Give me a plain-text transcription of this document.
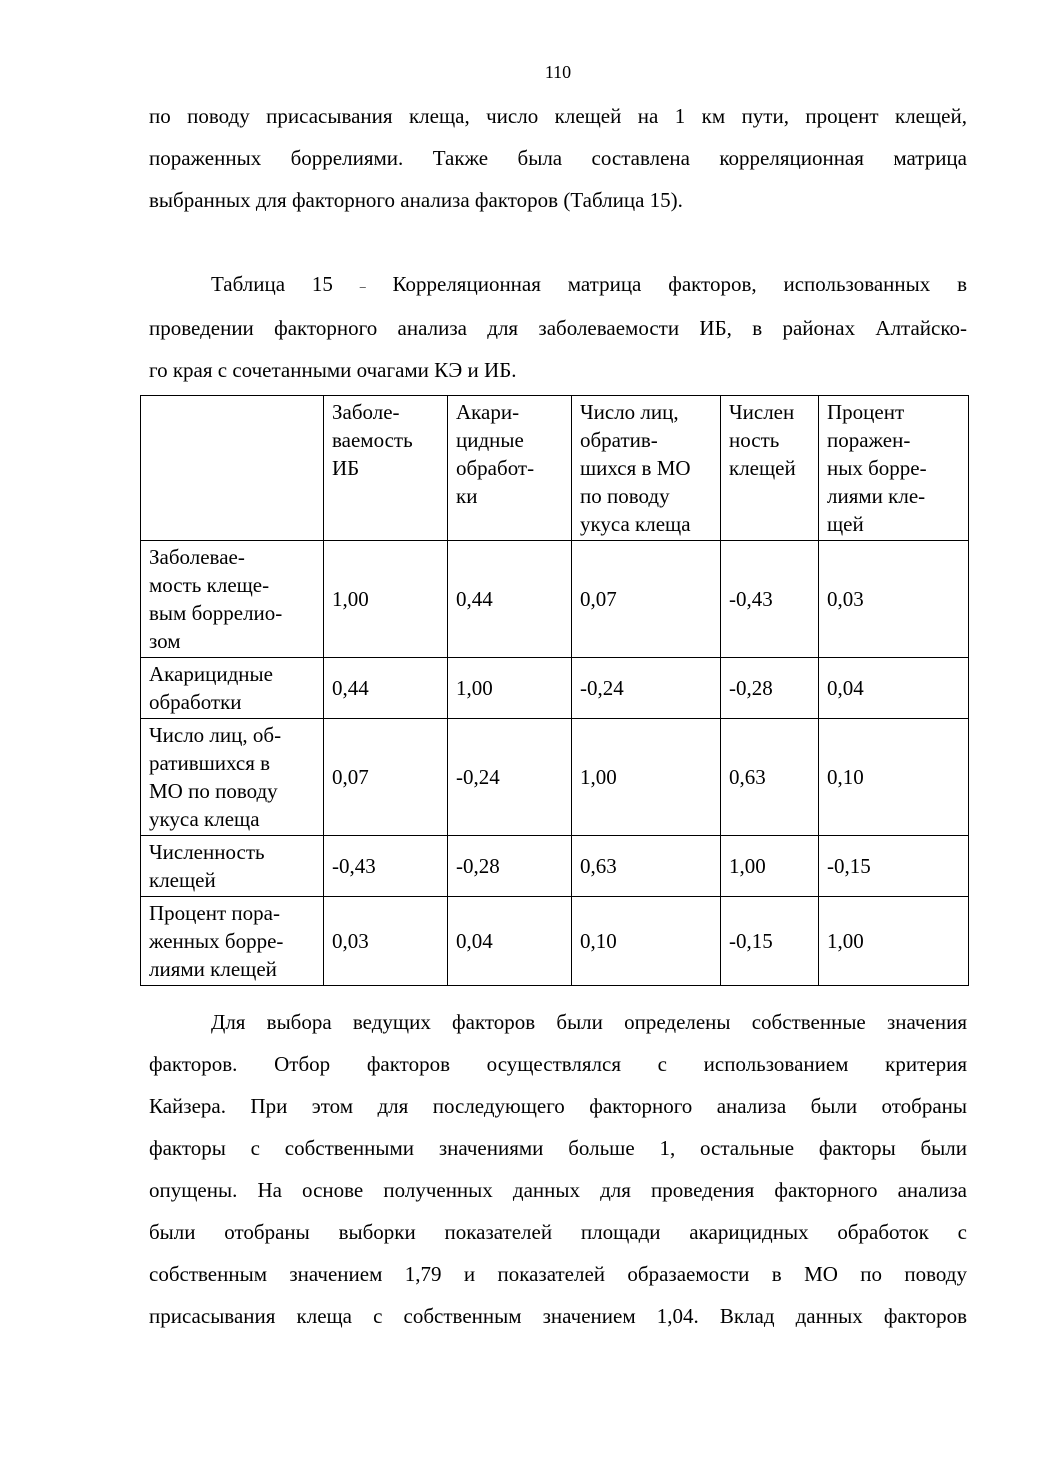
110

по поводу присасывания клеща, число клещей на 1 км пути, процент клещей,
пораженных боррелиями. Также была составлена корреляционная матрица
выбранных для факторного анализа факторов (Таблица 15).

Таблица 15 – Корреляционная матрица факторов, использованных в
проведении факторного анализа для заболеваемости ИБ, в районах Алтайско-
го края с сочетанными очагами КЭ и ИБ.

	Заболе-
ваемость
ИБ	Акари-
цидные
обработ-
ки	Число лиц,
обратив-
шихся в МО
по поводу
укуса клеща	Числен
ность
клещей	Процент
поражен-
ных борре-
лиями кле-
щей
Заболевае-
мость клеще-
вым боррелио-
зом	1,00	0,44	0,07	-0,43	0,03
Акарицидные
обработки	0,44	1,00	-0,24	-0,28	0,04
Число лиц, об-
ратившихся в
МО по поводу
укуса клеща	0,07	-0,24	1,00	0,63	0,10
Численность
клещей	-0,43	-0,28	0,63	1,00	-0,15
Процент пора-
женных борре-
лиями клещей	0,03	0,04	0,10	-0,15	1,00

Для выбора ведущих факторов были определены собственные значения
факторов. Отбор факторов осуществлялся с использованием критерия
Кайзера. При этом для последующего факторного анализа были отобраны
факторы с собственными значениями больше 1, остальные факторы были
опущены. На основе полученных данных для проведения факторного анализа
были отобраны выборки показателей площади акарицидных обработок с
собственным значением 1,79 и показателей образаемости в МО по поводу
присасывания клеща с собственным значением 1,04. Вклад данных факторов
